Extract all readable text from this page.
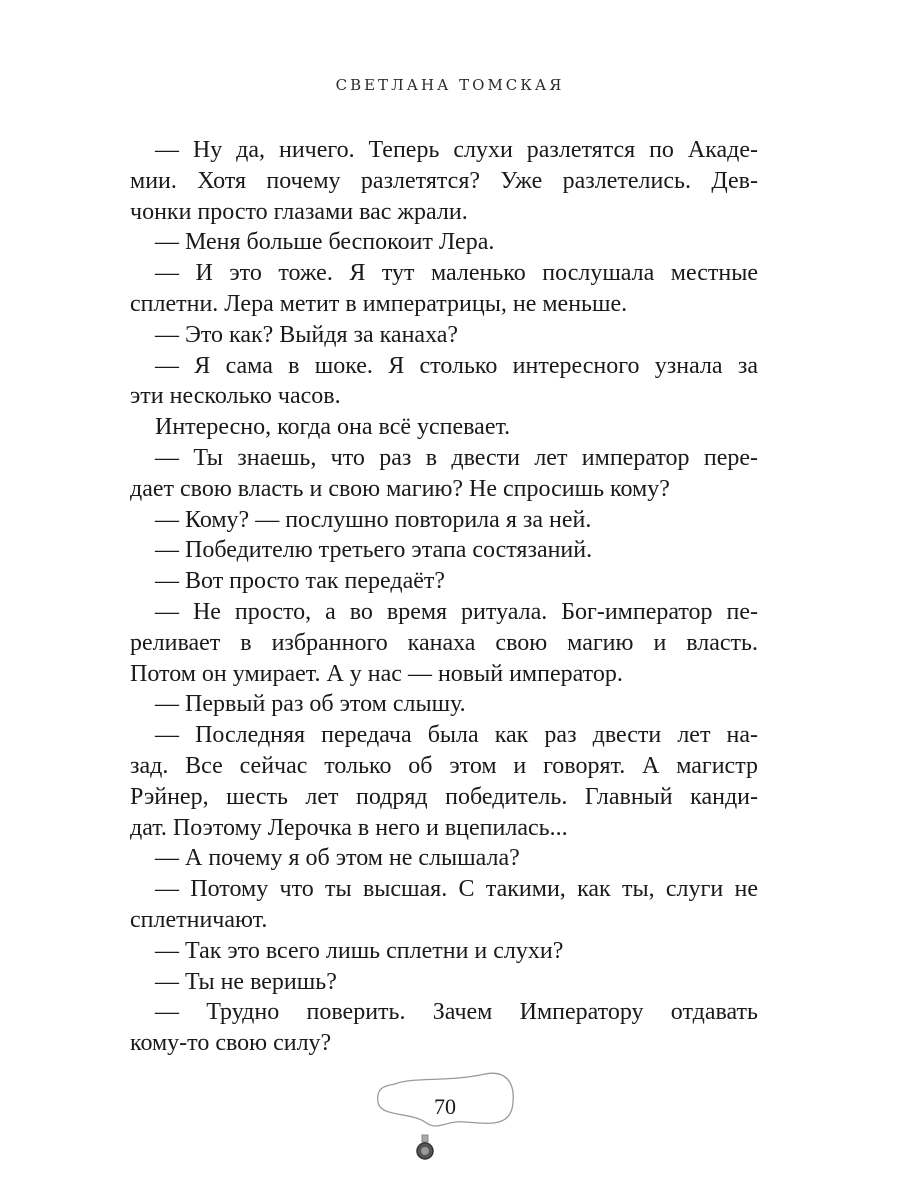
СВЕТЛАНА ТОМСКАЯ
— Ну да, ничего. Теперь слухи разлетятся по Акаде-
мии. Хотя почему разлетятся? Уже разлетелись. Дев-
чонки просто глазами вас жрали.
— Меня больше беспокоит Лера.
— И это тоже. Я тут маленько послушала местные
сплетни. Лера метит в императрицы, не меньше.
— Это как? Выйдя за канаха?
— Я сама в шоке. Я столько интересного узнала за
эти несколько часов.
Интересно, когда она всё успевает.
— Ты знаешь, что раз в двести лет император пере-
дает свою власть и свою магию? Не спросишь кому?
— Кому? — послушно повторила я за ней.
— Победителю третьего этапа состязаний.
— Вот просто так передаёт?
— Не просто, а во время ритуала. Бог-император пе-
реливает в избранного канаха свою магию и власть.
Потом он умирает. А у нас — новый император.
— Первый раз об этом слышу.
— Последняя передача была как раз двести лет на-
зад. Все сейчас только об этом и говорят. А магистр
Рэйнер, шесть лет подряд победитель. Главный канди-
дат. Поэтому Лерочка в него и вцепилась...
— А почему я об этом не слышала?
— Потому что ты высшая. С такими, как ты, слуги не
сплетничают.
— Так это всего лишь сплетни и слухи?
— Ты не веришь?
— Трудно поверить. Зачем Императору отдавать
кому-то свою силу?
70
